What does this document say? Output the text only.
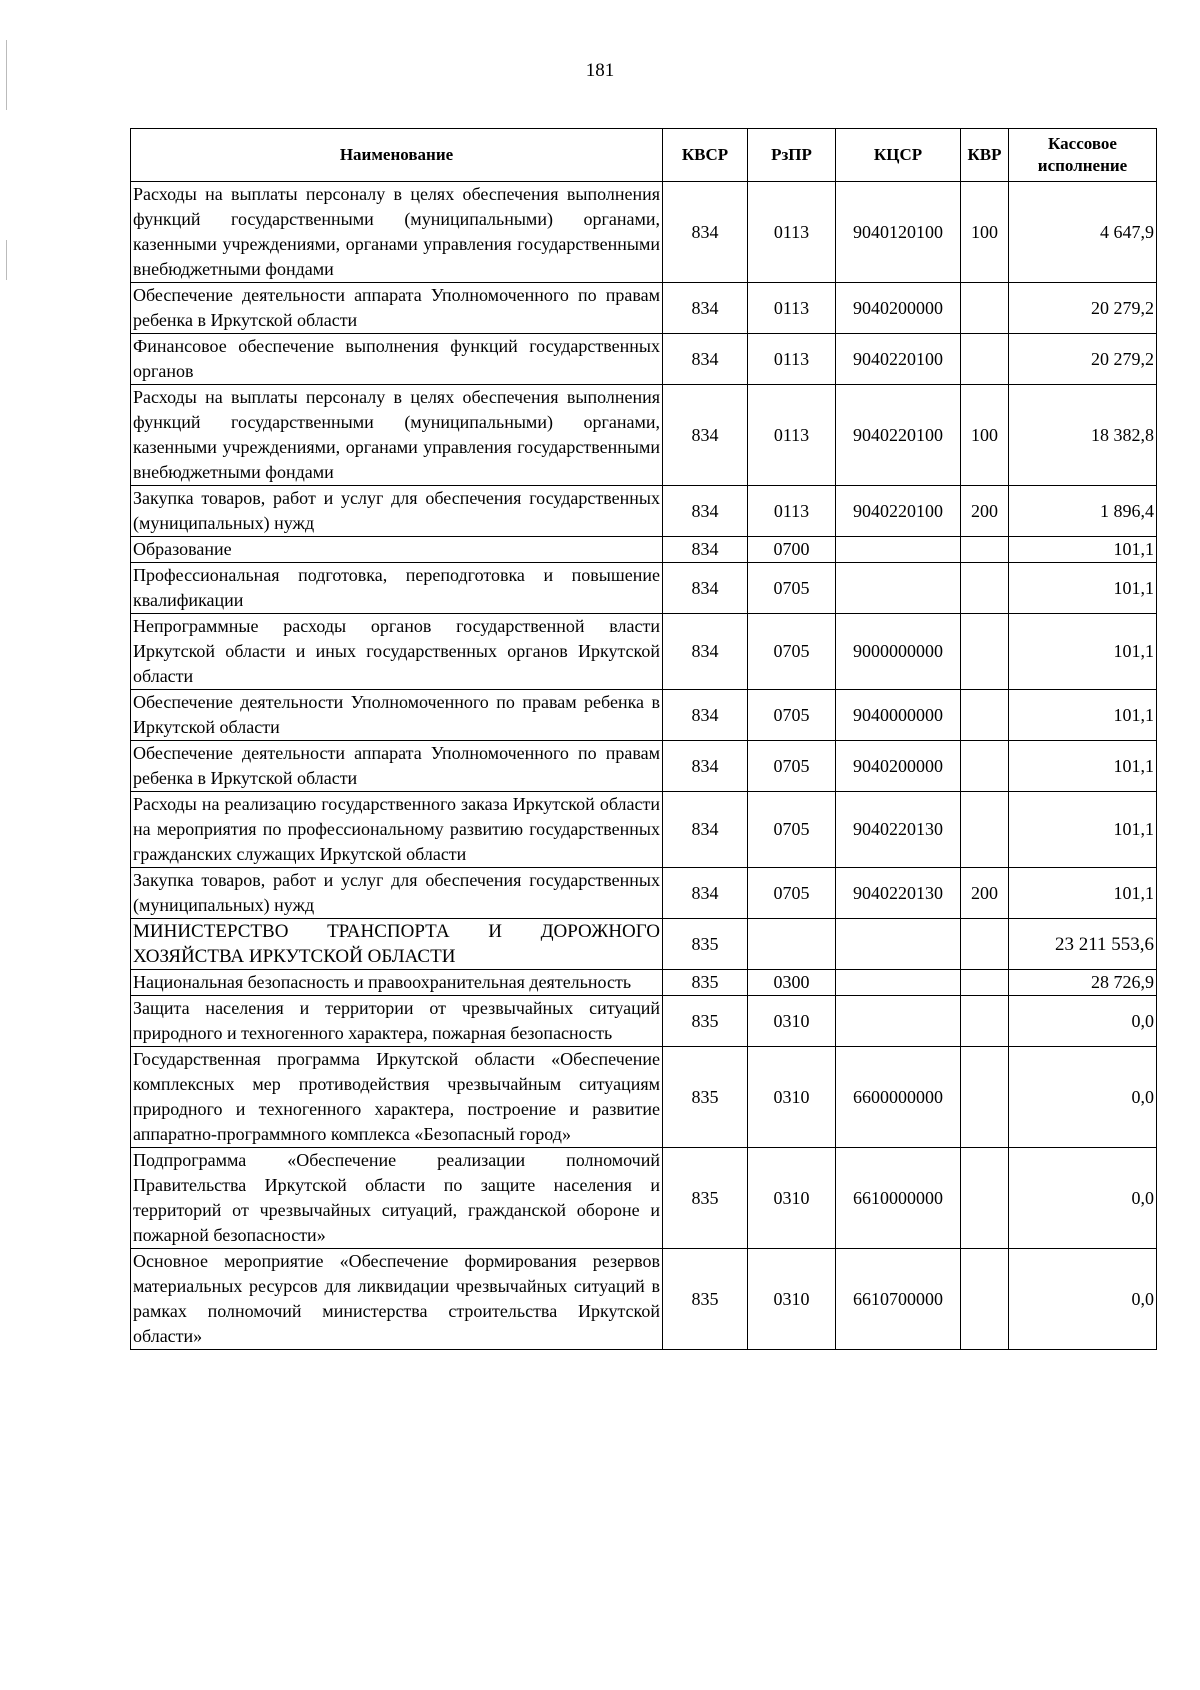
181
Наименование	КВСР	РзПР	КЦСР	КВР	Кассовое
исполнение
Расходы на выплаты персоналу в целях обеспечения выполнения функций государственными (муниципальными) органами, казенными учреждениями, органами управления государственными внебюджетными фондами	834	0113	9040120100	100	4 647,9
Обеспечение деятельности аппарата Уполномоченного по правам ребенка в Иркутской области	834	0113	9040200000		20 279,2
Финансовое обеспечение выполнения функций государственных органов	834	0113	9040220100		20 279,2
Расходы на выплаты персоналу в целях обеспечения выполнения функций государственными (муниципальными) органами, казенными учреждениями, органами управления государственными внебюджетными фондами	834	0113	9040220100	100	18 382,8
Закупка товаров, работ и услуг для обеспечения государственных (муниципальных) нужд	834	0113	9040220100	200	1 896,4
Образование	834	0700			101,1
Профессиональная подготовка, переподготовка и повышение квалификации	834	0705			101,1
Непрограммные расходы органов государственной власти Иркутской области и иных государственных органов Иркутской области	834	0705	9000000000		101,1
Обеспечение деятельности Уполномоченного по правам ребенка в Иркутской области	834	0705	9040000000		101,1
Обеспечение деятельности аппарата Уполномоченного по правам ребенка в Иркутской области	834	0705	9040200000		101,1
Расходы на реализацию государственного заказа Иркутской области на мероприятия по профессиональному развитию государственных гражданских служащих Иркутской области	834	0705	9040220130		101,1
Закупка товаров, работ и услуг для обеспечения государственных (муниципальных) нужд	834	0705	9040220130	200	101,1
МИНИСТЕРСТВО ТРАНСПОРТА И ДОРОЖНОГО ХОЗЯЙСТВА ИРКУТСКОЙ ОБЛАСТИ	835				23 211 553,6
Национальная безопасность и правоохранительная деятельность	835	0300			28 726,9
Защита населения и территории от чрезвычайных ситуаций природного и техногенного характера, пожарная безопасность	835	0310			0,0
Государственная программа Иркутской области «Обеспечение комплексных мер противодействия чрезвычайным ситуациям природного и техногенного характера, построение и развитие аппаратно-программного комплекса «Безопасный город»	835	0310	6600000000		0,0
Подпрограмма «Обеспечение реализации полномочий Правительства Иркутской области по защите населения и территорий от чрезвычайных ситуаций, гражданской обороне и пожарной безопасности»	835	0310	6610000000		0,0
Основное мероприятие «Обеспечение формирования резервов материальных ресурсов для ликвидации чрезвычайных ситуаций в рамках полномочий министерства строительства Иркутской области»	835	0310	6610700000		0,0
